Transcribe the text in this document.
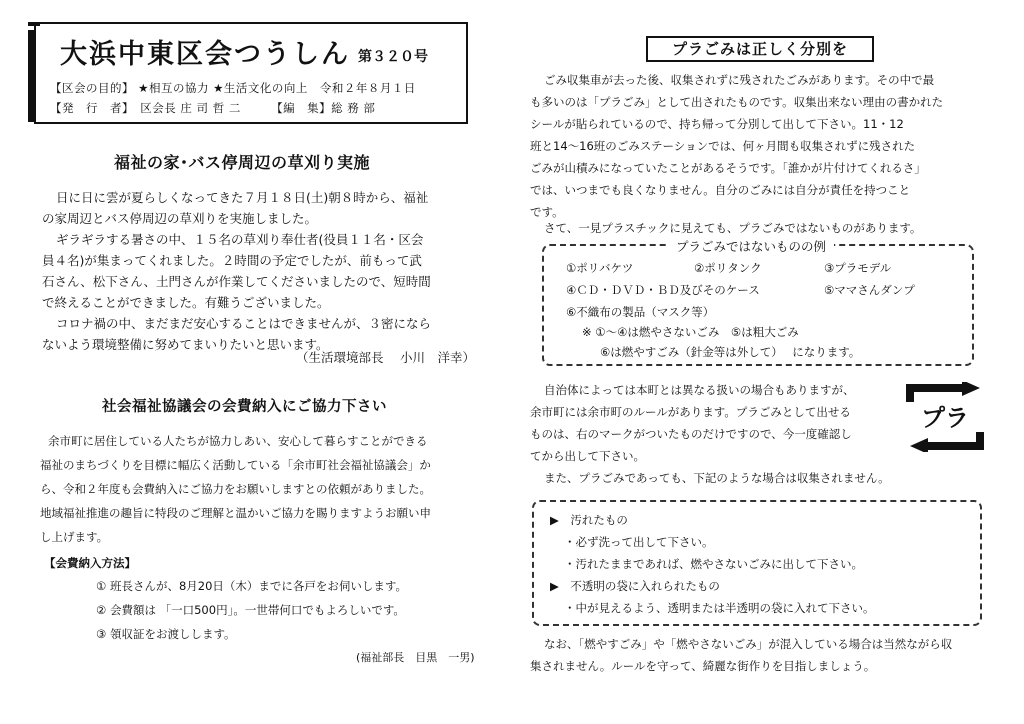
大浜中東区会つうしん 第３２０号
【区会の目的】 ★相互の協力 ★生活文化の向上　令和２年８月１日
【発　行　者】　区会長 庄 司 哲 二　　　【編　集】総 務 部
福祉の家･バス停周辺の草刈り実施
日に日に雲が夏らしくなってきた７月１８日(土)朝８時から、福祉
の家周辺とバス停周辺の草刈りを実施しました。
ギラギラする暑さの中、１５名の草刈り奉仕者(役員１１名・区会
員４名)が集まってくれました。２時間の予定でしたが、前もって武
石さん、松下さん、土門さんが作業してくださいましたので、短時間
で終えることができました。有難うございました。
コロナ禍の中、まだまだ安心することはできませんが、３密になら
ないよう環境整備に努めてまいりたいと思います。
（生活環境部長　 小川　洋幸）
社会福祉協議会の会費納入にご協力下さい
余市町に居住している人たちが協力しあい、安心して暮らすことができる
福祉のまちづくりを目標に幅広く活動している「余市町社会福祉協議会」か
ら、令和２年度も会費納入にご協力をお願いしますとの依頼がありました。
地域福祉推進の趣旨に特段のご理解と温かいご協力を賜りますようお願い申
し上げます。
【会費納入方法】
① 班長さんが、8月20日（木）までに各戸をお伺いします。
② 会費額は 「一口500円」。一世帯何口でもよろしいです。
③ 領収証をお渡しします。
(福祉部長　目黒　一男)
プラごみは正しく分別を
ごみ収集車が去った後、収集されずに残されたごみがあります。その中で最
も多いのは「プラごみ」として出されたものです。収集出来ない理由の書かれた
シールが貼られているので、持ち帰って分別して出して下さい。11・12
班と14～16班のごみステーションでは、何ヶ月間も収集されずに残された
ごみが山積みになっていたことがあるそうです。「誰かが片付けてくれるさ」
では、いつまでも良くなりません。自分のごみには自分が責任を持つこと
です。
さて、一見プラスチックに見えても、プラごみではないものがあります。
プラごみではないものの例
①ポリバケツ	②ポリタンク	③プラモデル
④ＣＤ・ＤＶＤ・ＢＤ及びそのケース	⑤ママさんダンプ
⑥不織布の製品（マスク等）
※ ①～④は燃やさないごみ　⑤は粗大ごみ
⑥は燃やすごみ（針金等は外して）　 になります。
自治体によっては本町とは異なる扱いの場合もありますが、
余市町には余市町のルールがあります。プラごみとして出せる
ものは、右のマークがついたものだけですので、今一度確認し
てから出して下さい。
また、プラごみであっても、下記のような場合は収集されません。
プラ
▶　汚れたもの
・必ず洗って出して下さい。
・汚れたままであれば、燃やさないごみに出して下さい。
▶　不透明の袋に入れられたもの
・中が見えるよう、透明または半透明の袋に入れて下さい。
なお、「燃やすごみ」や「燃やさないごみ」が混入している場合は当然ながら収
集されません。ルールを守って、綺麗な街作りを目指しましょう。
